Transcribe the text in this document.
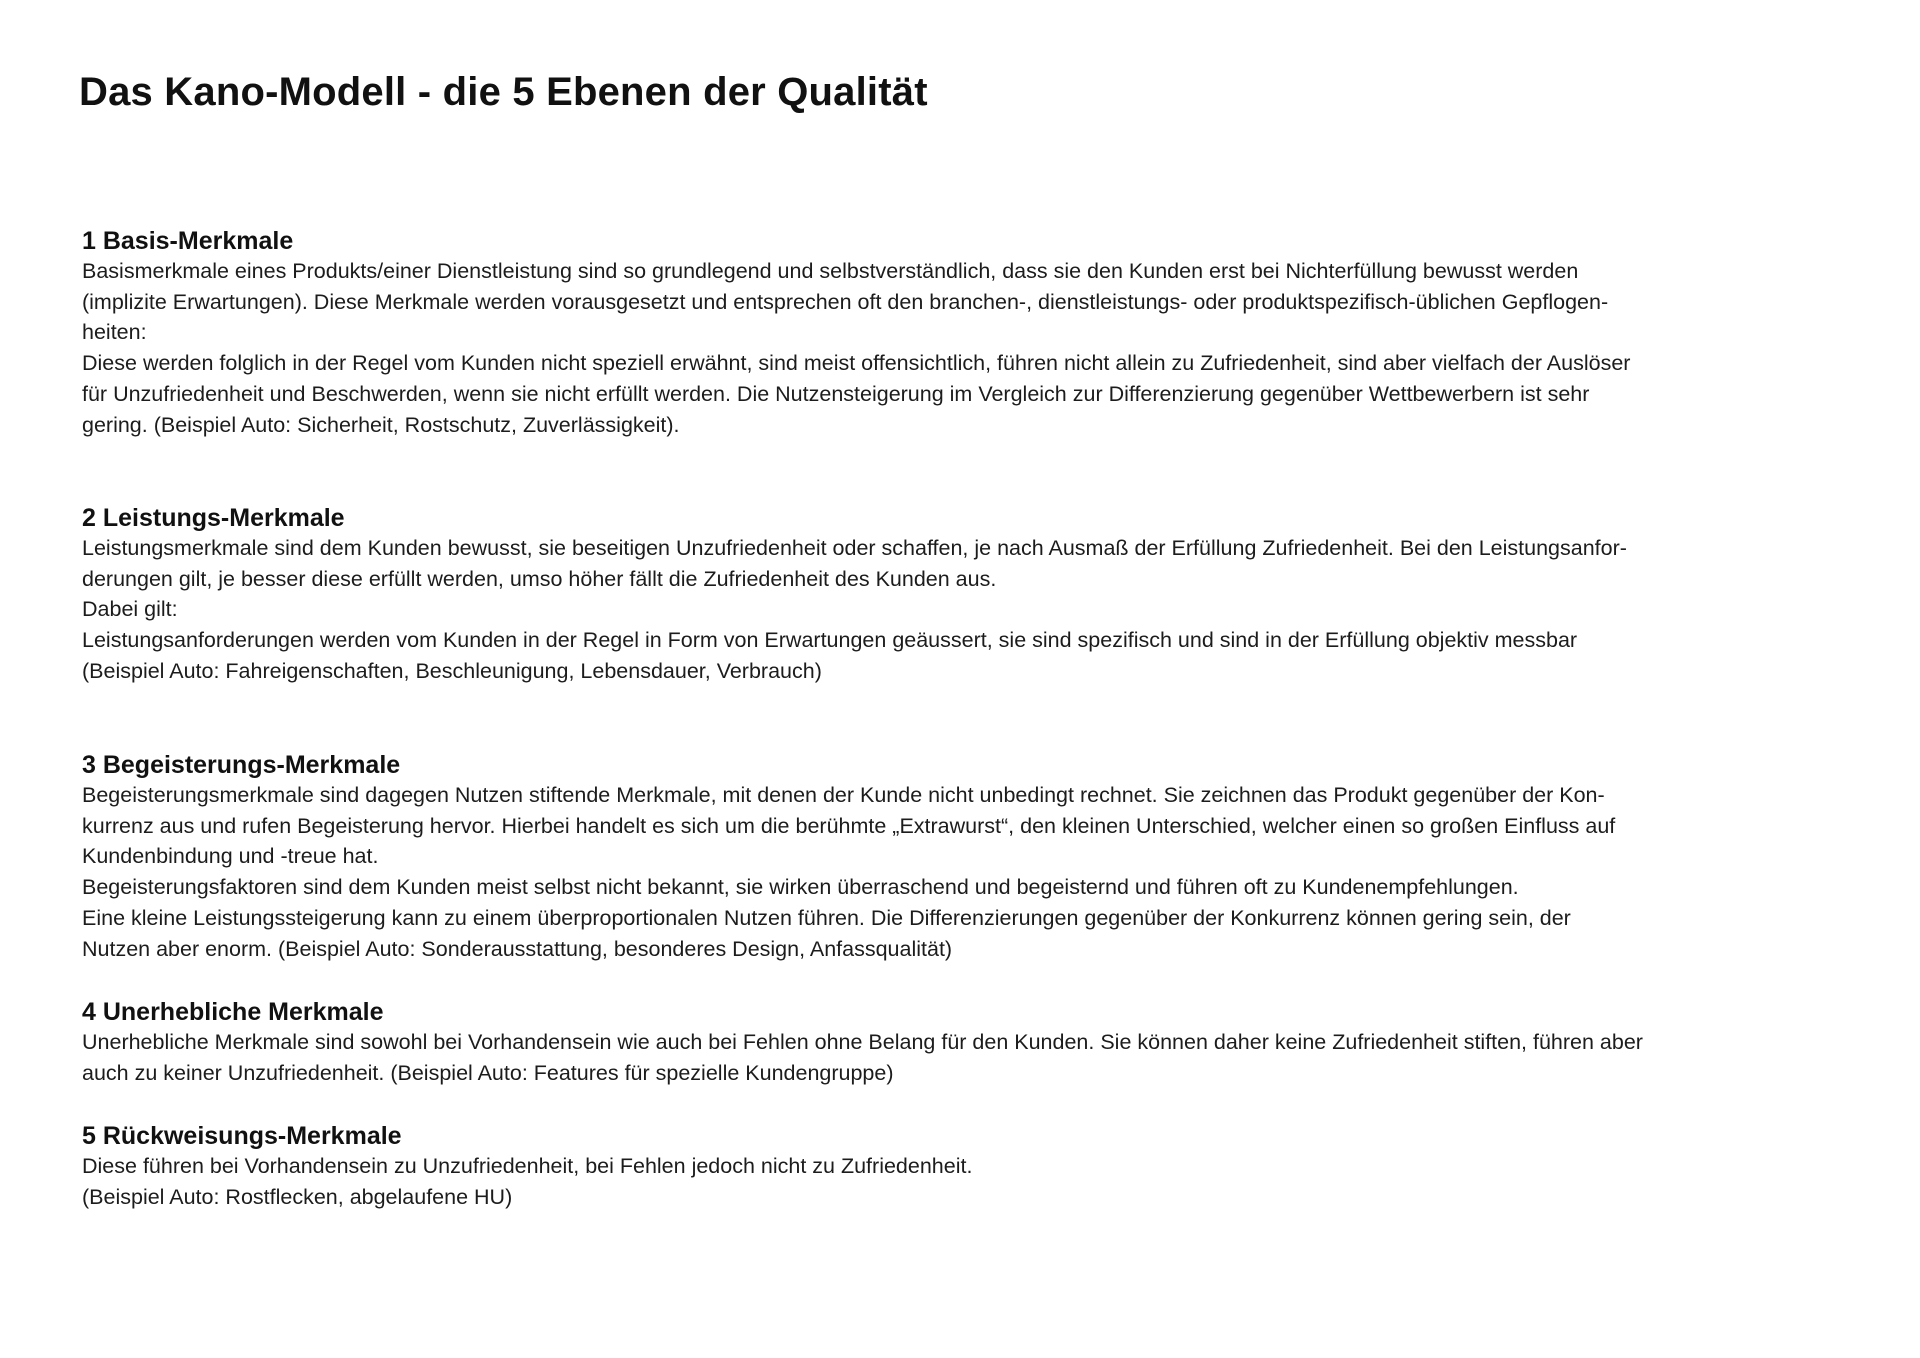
Das Kano-Modell - die 5 Ebenen der Qualität
1 Basis-Merkmale
Basismerkmale eines Produkts/einer Dienstleistung sind so grundlegend und selbstverständlich, dass sie den Kunden erst bei Nichterfüllung bewusst werden
(implizite Erwartungen). Diese Merkmale werden vorausgesetzt und entsprechen oft den branchen-, dienstleistungs- oder produktspezifisch-üblichen Gepflogen-
heiten:
Diese werden folglich in der Regel vom Kunden nicht speziell erwähnt, sind meist offensichtlich, führen nicht allein zu Zufriedenheit, sind aber vielfach der Auslöser
für Unzufriedenheit und Beschwerden, wenn sie nicht erfüllt werden. Die Nutzensteigerung im Vergleich zur Differenzierung gegenüber Wettbewerbern ist sehr
gering. (Beispiel Auto: Sicherheit, Rostschutz, Zuverlässigkeit).
2 Leistungs-Merkmale
Leistungsmerkmale sind dem Kunden bewusst, sie beseitigen Unzufriedenheit oder schaffen, je nach Ausmaß der Erfüllung Zufriedenheit. Bei den Leistungsanfor-
derungen gilt, je besser diese erfüllt werden, umso höher fällt die Zufriedenheit des Kunden aus.
Dabei gilt:
Leistungsanforderungen werden vom Kunden in der Regel in Form von Erwartungen geäussert, sie sind spezifisch und sind in der Erfüllung objektiv messbar
(Beispiel Auto: Fahreigenschaften, Beschleunigung, Lebensdauer, Verbrauch)
3 Begeisterungs-Merkmale
Begeisterungsmerkmale sind dagegen Nutzen stiftende Merkmale, mit denen der Kunde nicht unbedingt rechnet. Sie zeichnen das Produkt gegenüber der Kon-
kurrenz aus und rufen Begeisterung hervor. Hierbei handelt es sich um die berühmte „Extrawurst“, den kleinen Unterschied, welcher einen so großen Einfluss auf
Kundenbindung und -treue hat.
Begeisterungsfaktoren sind dem Kunden meist selbst nicht bekannt, sie wirken überraschend und begeisternd und führen oft zu Kundenempfehlungen.
Eine kleine Leistungssteigerung kann zu einem überproportionalen Nutzen führen. Die Differenzierungen gegenüber der Konkurrenz können gering sein, der
Nutzen aber enorm. (Beispiel Auto: Sonderausstattung, besonderes Design, Anfassqualität)
4 Unerhebliche Merkmale
Unerhebliche Merkmale sind sowohl bei Vorhandensein wie auch bei Fehlen ohne Belang für den Kunden. Sie können daher keine Zufriedenheit stiften, führen aber
auch zu keiner Unzufriedenheit. (Beispiel Auto: Features für spezielle Kundengruppe)
5 Rückweisungs-Merkmale
Diese führen bei Vorhandensein zu Unzufriedenheit, bei Fehlen jedoch nicht zu Zufriedenheit.
(Beispiel Auto: Rostflecken, abgelaufene HU)
